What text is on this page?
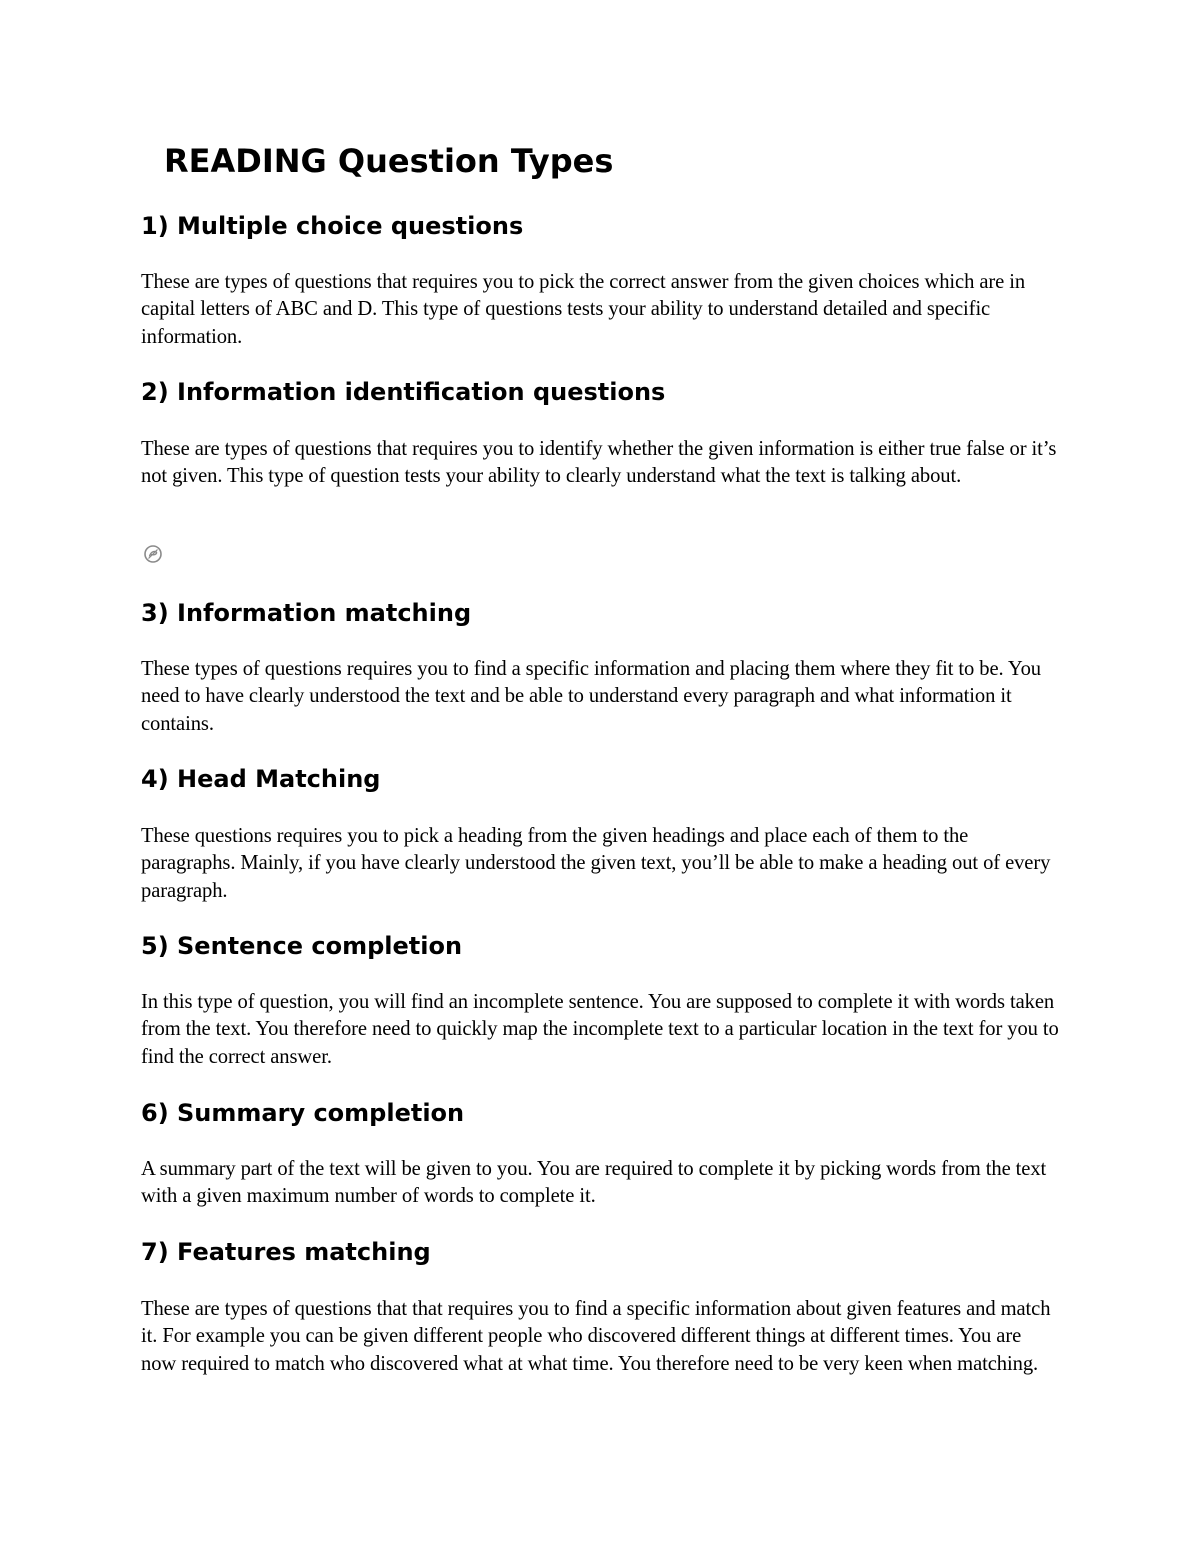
READING Question Types
1) Multiple choice questions

These are types of questions that requires you to pick the correct answer from the given choices which are in capital letters of ABC and D. This type of questions tests your ability to understand detailed and specific information.

2) Information identification questions

These are types of questions that requires you to identify whether the given information is either true false or it’s not given. This type of question tests your ability to clearly understand what the text is talking about.

3) Information matching

These types of questions requires you to find a specific information and placing them where they fit to be. You need to have clearly understood the text and be able to understand every paragraph and what information it contains.

4) Head Matching

These questions requires you to pick a heading from the given headings and place each of them to the paragraphs. Mainly, if you have clearly understood the given text, you’ll be able to make a heading out of every paragraph.

5) Sentence completion

In this type of question, you will find an incomplete sentence. You are supposed to complete it with words taken from the text. You therefore need to quickly map the incomplete text to a particular location in the text for you to find the correct answer.

6) Summary completion

A summary part of the text will be given to you. You are required to complete it by picking words from the text with a given maximum number of words to complete it.

7) Features matching

These are types of questions that that requires you to find a specific information about given features and match it. For example you can be given different people who discovered different things at different times. You are now required to match who discovered what at what time. You therefore need to be very keen when matching.
